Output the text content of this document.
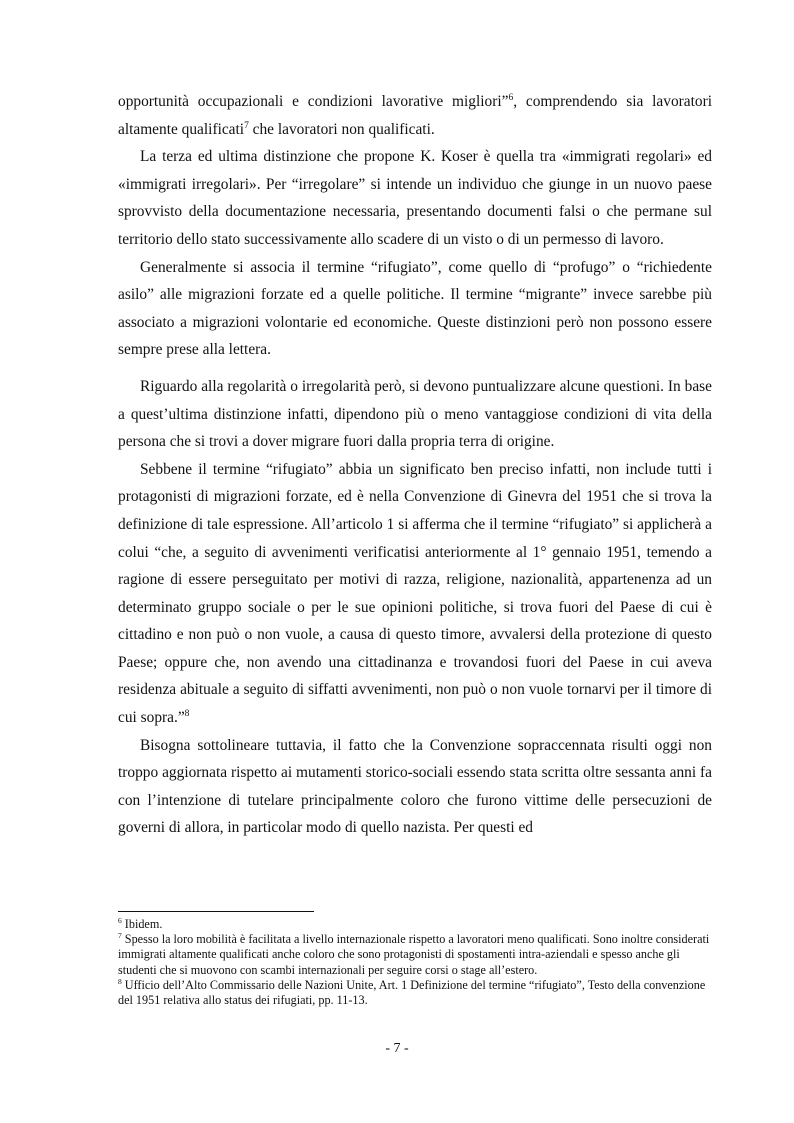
opportunità occupazionali e condizioni lavorative migliori”$^6$, comprendendo sia lavoratori altamente qualificati$^7$ che lavoratori non qualificati.

La terza ed ultima distinzione che propone K. Koser è quella tra «immigrati regolari» ed «immigrati irregolari». Per “irregolare” si intende un individuo che giunge in un nuovo paese sprovvisto della documentazione necessaria, presentando documenti falsi o che permane sul territorio dello stato successivamente allo scadere di un visto o di un permesso di lavoro.

Generalmente si associa il termine “rifugiato”, come quello di “profugo” o “richiedente asilo” alle migrazioni forzate ed a quelle politiche. Il termine “migrante” invece sarebbe più associato a migrazioni volontarie ed economiche. Queste distinzioni però non possono essere sempre prese alla lettera.

Riguardo alla regolarità o irregolarità però, si devono puntualizzare alcune questioni. In base a quest’ultima distinzione infatti, dipendono più o meno vantaggiose condizioni di vita della persona che si trovi a dover migrare fuori dalla propria terra di origine.

Sebbene il termine “rifugiato” abbia un significato ben preciso infatti, non include tutti i protagonisti di migrazioni forzate, ed è nella Convenzione di Ginevra del 1951 che si trova la definizione di tale espressione. All’articolo 1 si afferma che il termine “rifugiato” si applicherà a colui “che, a seguito di avvenimenti verificatisi anteriormente al 1° gennaio 1951, temendo a ragione di essere perseguitato per motivi di razza, religione, nazionalità, appartenenza ad un determinato gruppo sociale o per le sue opinioni politiche, si trova fuori del Paese di cui è cittadino e non può o non vuole, a causa di questo timore, avvalersi della protezione di questo Paese; oppure che, non avendo una cittadinanza e trovandosi fuori del Paese in cui aveva residenza abituale a seguito di siffatti avvenimenti, non può o non vuole tornarvi per il timore di cui sopra.”$^8$

Bisogna sottolineare tuttavia, il fatto che la Convenzione sopraccennata risulti oggi non troppo aggiornata rispetto ai mutamenti storico-sociali essendo stata scritta oltre sessanta anni fa con l’intenzione di tutelare principalmente coloro che furono vittime delle persecuzioni de governi di allora, in particolar modo di quello nazista. Per questi ed

$^6$ Ibidem.

$^7$ Spesso la loro mobilità è facilitata a livello internazionale rispetto a lavoratori meno qualificati. Sono inoltre considerati immigrati altamente qualificati anche coloro che sono protagonisti di spostamenti intra-aziendali e spesso anche gli studenti che si muovono con scambi internazionali per seguire corsi o stage all’estero.

$^8$ Ufficio dell’Alto Commissario delle Nazioni Unite, Art. 1 Definizione del termine “rifugiato”, Testo della convenzione del 1951 relativa allo status dei rifugiati, pp. 11-13.

- 7 -
